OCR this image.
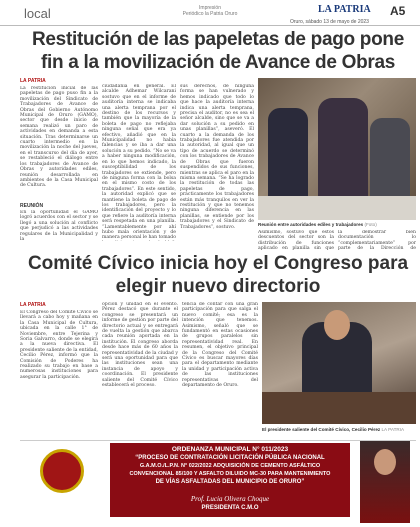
local	Impresión
Periódico la Patria Oruro	LA PATRIA A5
Oruro, sábado 13 de mayo de 2023
Restitución de las papeletas de pago pone fin a la movilización de Avance de Obras
LA PATRIA
La restitución inicial de las papeletas de pago puso fin a la movilización del Sindicato de Trabajadores de Avance de Obras del Gobierno Autónomo Municipal de Oruro (GAMO), sector que desde inicio de semana realizó un paro de actividades en demanda a esta situación. Tras determinarse un cuarto intermedio en la movilización la noche del jueves, en el transcurso del día de ayer, se restableció el diálogo entre los trabajadores de Avance de Obras y autoridades ediles, reunión desarrollada en ambientes de la Casa Municipal de Cultura.
REUNIÓN
En la oportunidad el GAMO logró acuerdos con el sector y se llegó a una solución al conflicto que perjudicó a las actividades regulares de la Municipalidad y la
ciudadanía en general. El alcalde Adhemar Wilcarani sostuvo que en el informe de auditoría interna se indicaba una alerta temprana por el destino de los recursos y también que la mayoría de la boleta de pago no reflejaba ninguna señal que era ya efectivo, añadió que en la Municipalidad no había falencias y se iba a dar una solución a su pedido. “No se va a haber ninguna modificación, en lo que hemos indicado, la susceptibilidad de los trabajadores se extiende, pero de ninguna forma con la bolsa en el mismo costo de los trabajadores”. En este sentido, la autoridad explicó que se mantiene la boleta de pago de los trabajadores, pero la identificación del proyecto y lo que refiere la auditoría interna será respetada en una planilla. “Lamentablemente por ahí hubo mala orientación y de manera personal le han tomado
sus derechos, de ninguna forma se han vulnerado y hemos indicado que todo lo que hace la auditoría interna indica una alerta temprana, precisa el auditor, no es sea el señor alcalde, sino que se va a dar solución a su pedido en unas planillas”, aseveró. El cuarto a la demanda de los trabajadores fue atendida por la autoridad, al igual que un tipo de acuerdo se determinó con los trabajadores de Avance de Obras que fueron suspendidos de sus funciones, mientras se aplica el paro en la misma semana. “Se ha logrado la restitución de todas las papeletas de pago, prácticamente los trabajadores están más tranquilos en ver la restitución y que no tenemos ninguna diferencia en las planillas, se entiende por los trabajadores y el Sindicato de Trabajadores”, sostuvo.
Reunión entre autoridades ediles y trabajadores (Foto)
Asimismo, sostuvo que estos descuentos del sector son la distribución de funciones aplicado en planilla sin que
la demostrar bien documentación lo “complementariamente” por parte de la Dirección de
Comité Cívico inicia hoy el Congreso para elegir nuevo directorio
LA PATRIA
El Congreso del Comité Cívico se llevará a cabo hoy y mañana en la Casa Municipal de Cultura, ubicada en la calle 1° de Noviembre, entre Tejerina y Soria Galvarro, donde se elegirá a la nueva directiva. El presidente saliente de la entidad, Cecilio Pérez, informó que la Comisión de Poderes ha realizado su trabajo en base a numerosas instituciones para asegurar la participación.
opción y unidad en el evento. Pérez destacó que durante el congreso se presentará un informe de gestión por parte del directorio actual y se entregará de vuelta la gestión que abarca cada reunión aportada en la institución. El congreso aborda desde hace más de 60 años la representatividad de la ciudad y será una oportunidad para que las instituciones sean una instancia de apoyo y coordinación. El presidente saliente del Comité Cívico establecerá el proceso.
tencia de contar con una gran participación para que salga el nuevo comité; esa es la intención que tenemos. Asimismo, señaló que se fundamentó en estas ocasiones de grupos paralelos sin representatividad real. En resumen, el objetivo principal de la Congreso del Comité Cívico es buscar mayores días para el departamento mediante la unidad y participación activa de las instituciones representativas del departamento de Oruro.
El presidente saliente del Comité Cívico, Cecilio Pérez LA PATRIA
ORDENANZA MUNICIPAL N° 011/2023
“PROCESO DE CONTRATACIÓN LICITACIÓN PÚBLICA NACIONAL
G.A.M.O./L.P.N. N° 022/2022 ADQUISICIÓN DE CEMENTO ASFÁLTICO
CONVENCIONAL 85/100 Y ASFALTO DILUIDO MC-30 PARA MANTENIMIENTO
DE VÍAS ASFALTADAS DEL MUNICIPIO DE ORURO”
Prof. Lucia Olivera Choque
PRESIDENTA C.M.O
